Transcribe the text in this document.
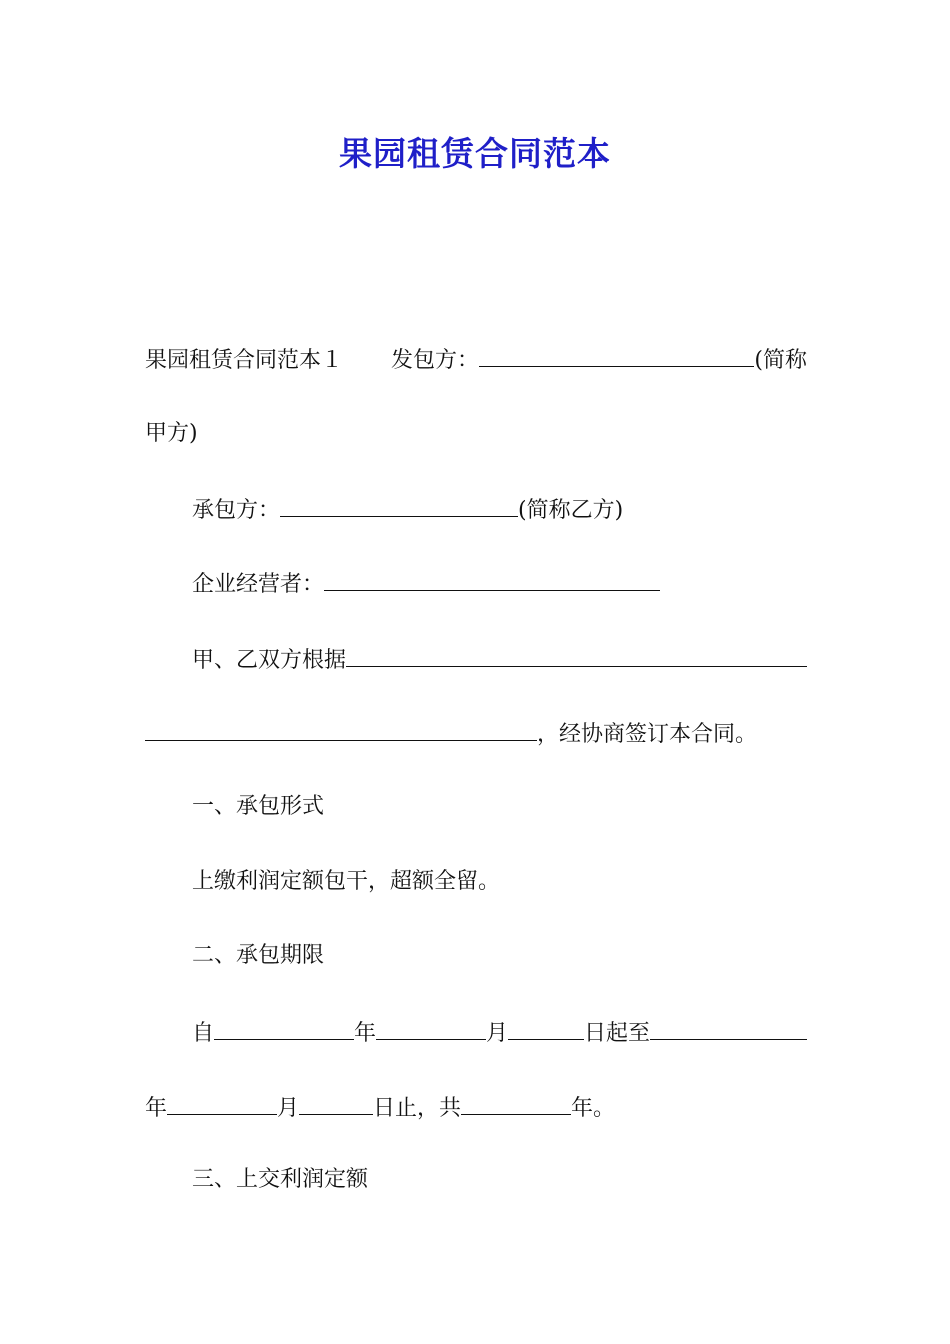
果园租赁合同范本
果园租赁合同范本１ 发包方：	(简称
甲方)
承包方：	(简称乙方)
企业经营者：
甲、乙双方根据
，经协商签订本合同。
一、承包形式
上缴利润定额包干，超额全留。
二、承包期限
自	年	月	日起至
年	月	日止，共	年。
三、上交利润定额
